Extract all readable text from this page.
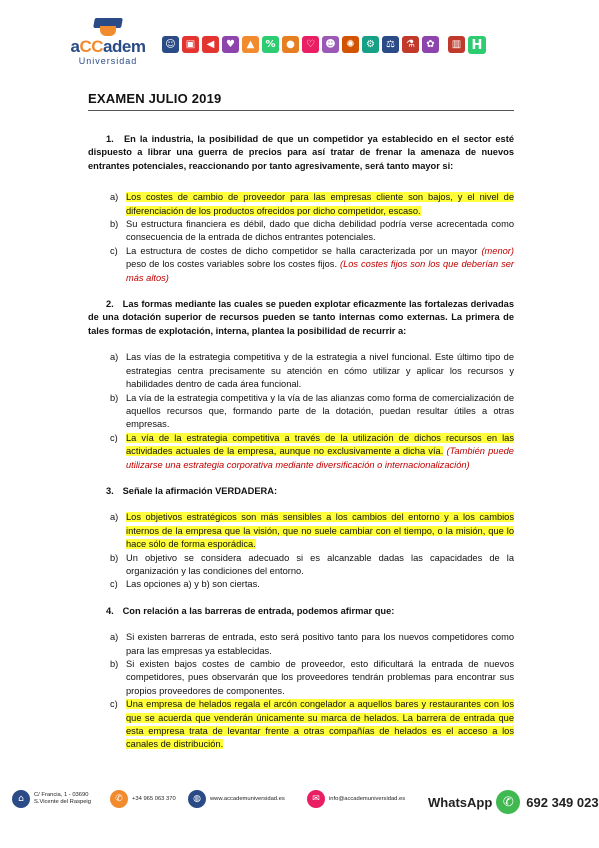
aCCadem
Universidad
☺	▣	◀	♥	▲	%	●	♡	☻	✺	⚙	⚖	⚗	✿	▥ H
EXAMEN JULIO 2019
1. En la industria, la posibilidad de que un competidor ya establecido en el sector esté dispuesto a librar una guerra de precios para así tratar de frenar la amenaza de nuevos entrantes potenciales, reaccionando por tanto agresivamente, será tanto mayor si:
a) Los costes de cambio de proveedor para las empresas cliente son bajos, y el nivel de diferenciación de los productos ofrecidos por dicho competidor, escaso.
b) Su estructura financiera es débil, dado que dicha debilidad podría verse acrecentada como consecuencia de la entrada de dichos entrantes potenciales.
c) La estructura de costes de dicho competidor se halla caracterizada por un mayor (menor) peso de los costes variables sobre los costes fijos. (Los costes fijos son los que deberían ser más altos)
2. Las formas mediante las cuales se pueden explotar eficazmente las fortalezas derivadas de una dotación superior de recursos pueden se tanto internas como externas. La primera de tales formas de explotación, interna, plantea la posibilidad de recurrir a:
a) Las vías de la estrategia competitiva y de la estrategia a nivel funcional. Este último tipo de estrategias centra precisamente su atención en cómo utilizar y aplicar los recursos y habilidades dentro de cada área funcional.
b) La vía de la estrategia competitiva y la vía de las alianzas como forma de comercialización de aquellos recursos que, formando parte de la dotación, puedan resultar útiles a otras empresas.
c) La vía de la estrategia competitiva a través de la utilización de dichos recursos en las actividades actuales de la empresa, aunque no exclusivamente a dicha vía. (También puede utilizarse una estrategia corporativa mediante diversificación o internacionalización)
3. Señale la afirmación VERDADERA:
a) Los objetivos estratégicos son más sensibles a los cambios del entorno y a los cambios internos de la empresa que la visión, que no suele cambiar con el tiempo, o la misión, que lo hace sólo de forma esporádica.
b) Un objetivo se considera adecuado si es alcanzable dadas las capacidades de la organización y las condiciones del entorno.
c) Las opciones a) y b) son ciertas.
4. Con relación a las barreras de entrada, podemos afirmar que:
a) Si existen barreras de entrada, esto será positivo tanto para los nuevos competidores como para las empresas ya establecidas.
b) Si existen bajos costes de cambio de proveedor, esto dificultará la entrada de nuevos competidores, pues observarán que los proveedores tendrán problemas para encontrar sus propios proveedores de componentes.
c) Una empresa de helados regala el arcón congelador a aquellos bares y restaurantes con los que se acuerda que venderán únicamente su marca de helados. La barrera de entrada que esta empresa trata de levantar frente a otras compañías de helados es el acceso a los canales de distribución.
⌂	C/ Francia, 1 - 03690
S.Vicente del Raspeig	✆	+34 965 063 370	◍	www.accademuniversidad.es	✉	info@accademuniversidad.es WhatsApp ✆ 692 349 023
